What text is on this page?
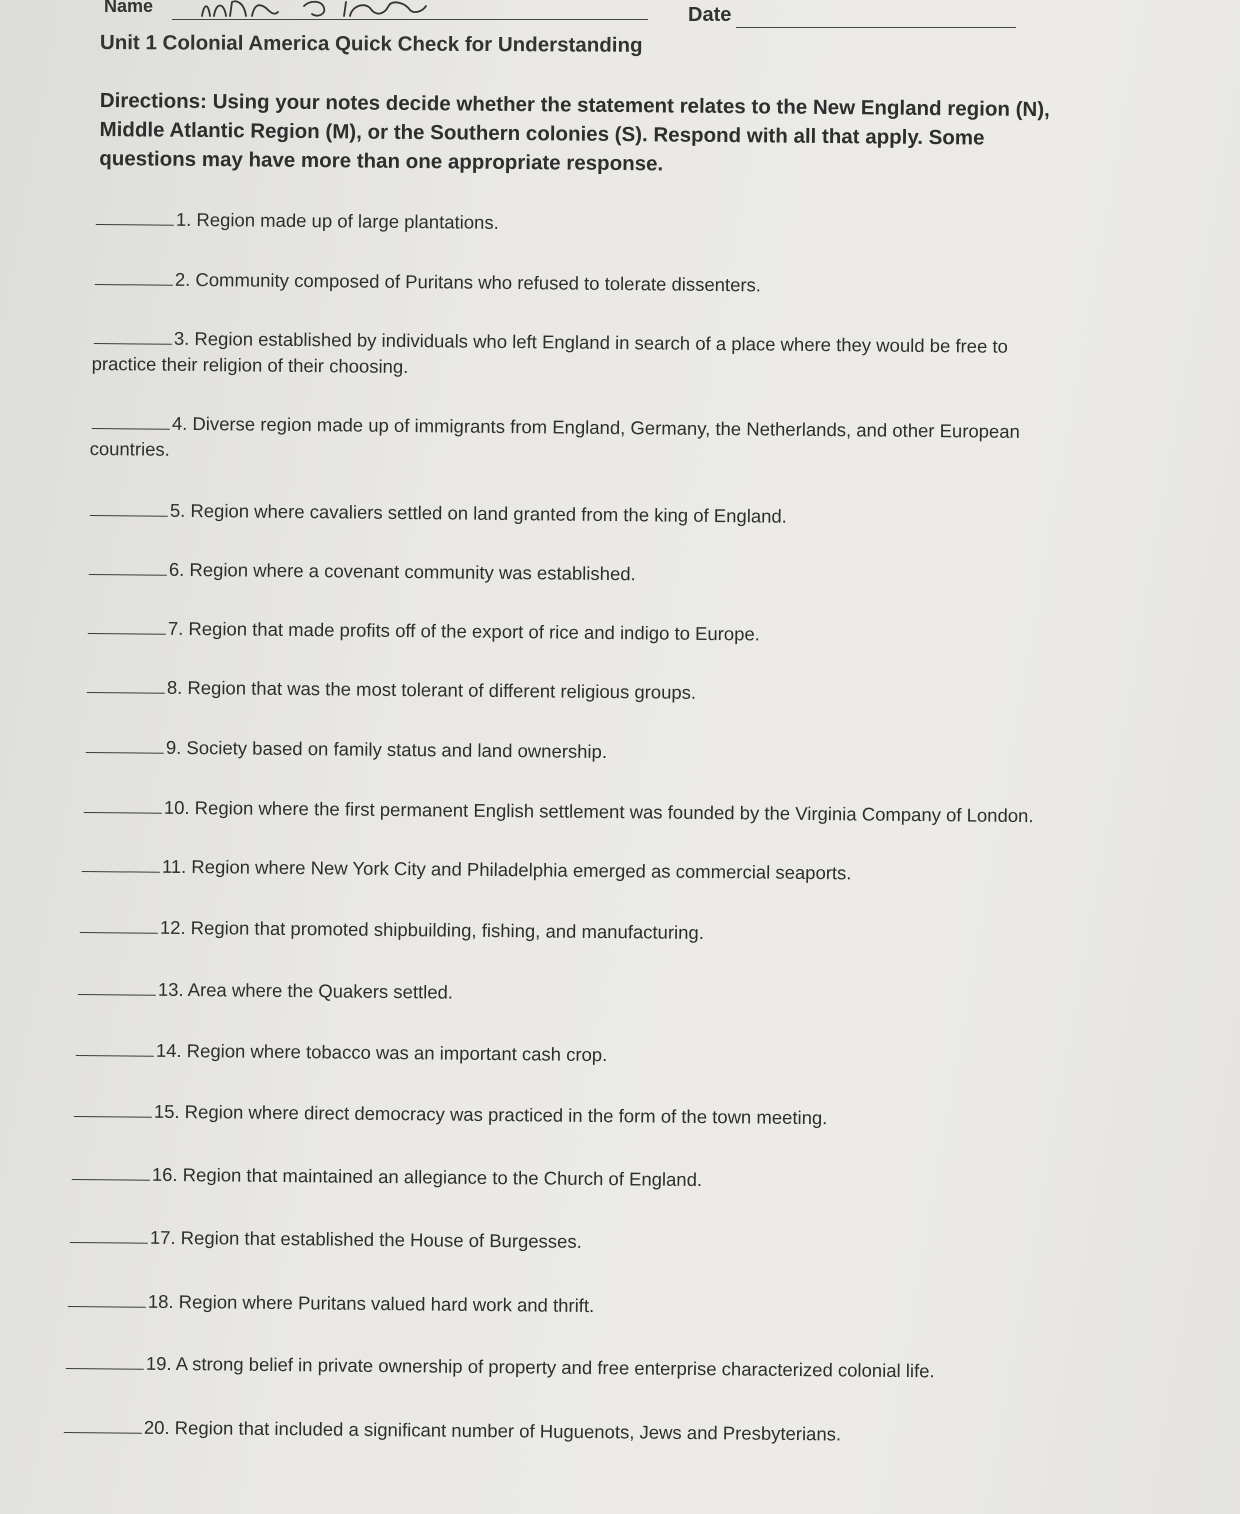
Name	Date
Unit 1 Colonial America Quick Check for Understanding
Directions: Using your notes decide whether the statement relates to the New England region (N),
Middle Atlantic Region (M), or the Southern colonies (S). Respond with all that apply. Some
questions may have more than one appropriate response.
1. Region made up of large plantations.
2. Community composed of Puritans who refused to tolerate dissenters.
3. Region established by individuals who left England in search of a place where they would be free to
practice their religion of their choosing.
4. Diverse region made up of immigrants from England, Germany, the Netherlands, and other European
countries.
5. Region where cavaliers settled on land granted from the king of England.
6. Region where a covenant community was established.
7. Region that made profits off of the export of rice and indigo to Europe.
8. Region that was the most tolerant of different religious groups.
9. Society based on family status and land ownership.
10. Region where the first permanent English settlement was founded by the Virginia Company of London.
11. Region where New York City and Philadelphia emerged as commercial seaports.
12. Region that promoted shipbuilding, fishing, and manufacturing.
13. Area where the Quakers settled.
14. Region where tobacco was an important cash crop.
15. Region where direct democracy was practiced in the form of the town meeting.
16. Region that maintained an allegiance to the Church of England.
17. Region that established the House of Burgesses.
18. Region where Puritans valued hard work and thrift.
19. A strong belief in private ownership of property and free enterprise characterized colonial life.
20. Region that included a significant number of Huguenots, Jews and Presbyterians.
